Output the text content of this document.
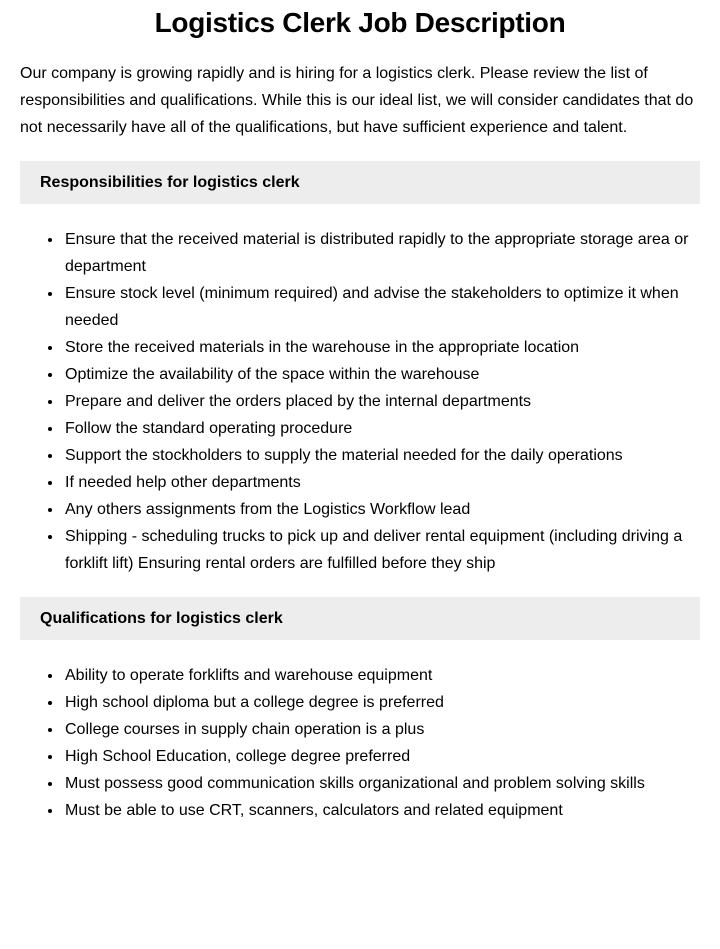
Logistics Clerk Job Description

Our company is growing rapidly and is hiring for a logistics clerk. Please review the list of responsibilities and qualifications. While this is our ideal list, we will consider candidates that do not necessarily have all of the qualifications, but have sufficient experience and talent.

Responsibilities for logistics clerk
• Ensure that the received material is distributed rapidly to the appropriate storage area or department
• Ensure stock level (minimum required) and advise the stakeholders to optimize it when needed
• Store the received materials in the warehouse in the appropriate location
• Optimize the availability of the space within the warehouse
• Prepare and deliver the orders placed by the internal departments
• Follow the standard operating procedure
• Support the stockholders to supply the material needed for the daily operations
• If needed help other departments
• Any others assignments from the Logistics Workflow lead
• Shipping - scheduling trucks to pick up and deliver rental equipment (including driving a forklift lift) Ensuring rental orders are fulfilled before they ship
Qualifications for logistics clerk
• Ability to operate forklifts and warehouse equipment
• High school diploma but a college degree is preferred
• College courses in supply chain operation is a plus
• High School Education, college degree preferred
• Must possess good communication skills organizational and problem solving skills
• Must be able to use CRT, scanners, calculators and related equipment
